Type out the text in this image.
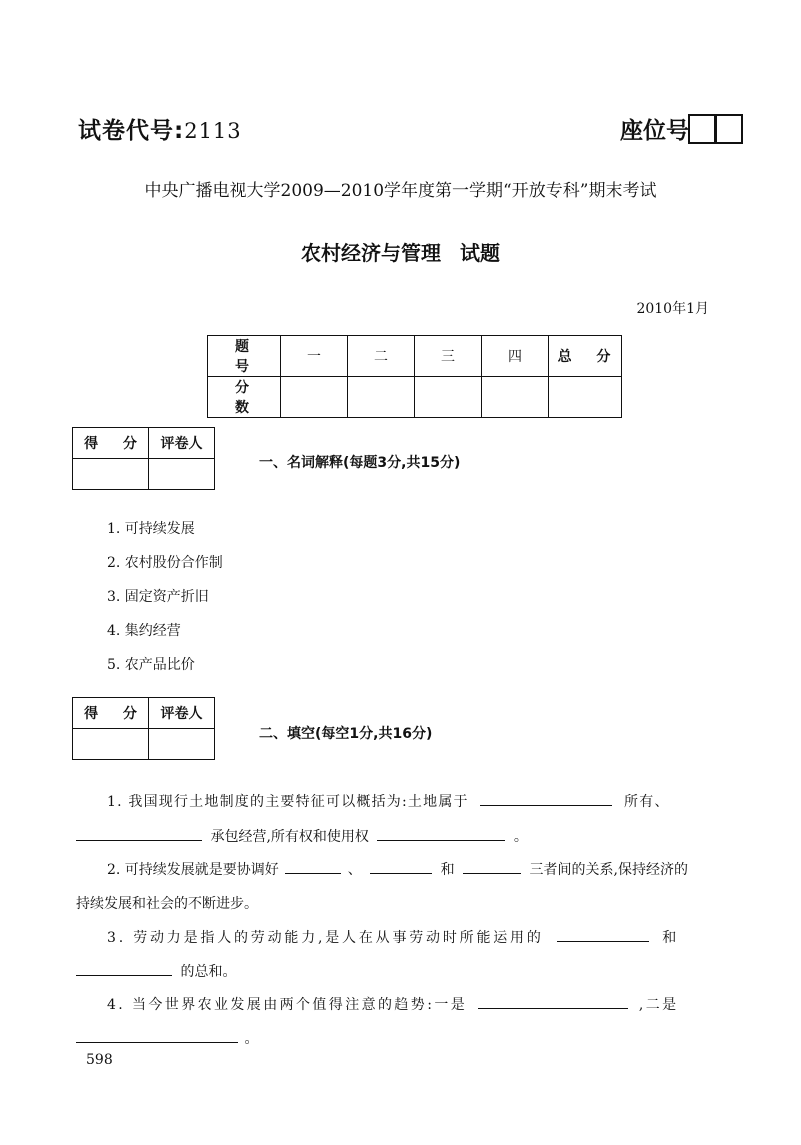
试卷代号:2113	座位号
中央广播电视大学2009—2010学年度第一学期“开放专科”期末考试
农村经济与管理 试题
2010年1月
题 号	一	二	三	四	总 分
分 数					
得 分	评卷人

一、名词解释(每题3分,共15分)
1. 可持续发展
2. 农村股份合作制
3. 固定资产折旧
4. 集约经营
5. 农产品比价
得 分	评卷人

二、填空(每空1分,共16分)
1. 我国现行土地制度的主要特征可以概括为:土地属于	所有、
承包经营,所有权和使用权	。
2. 可持续发展就是要协调好	、	和	三者间的关系,保持经济的
持续发展和社会的不断进步。
3. 劳动力是指人的劳动能力,是人在从事劳动时所能运用的	和
的总和。
4. 当今世界农业发展由两个值得注意的趋势:一是	,二是
。
598
